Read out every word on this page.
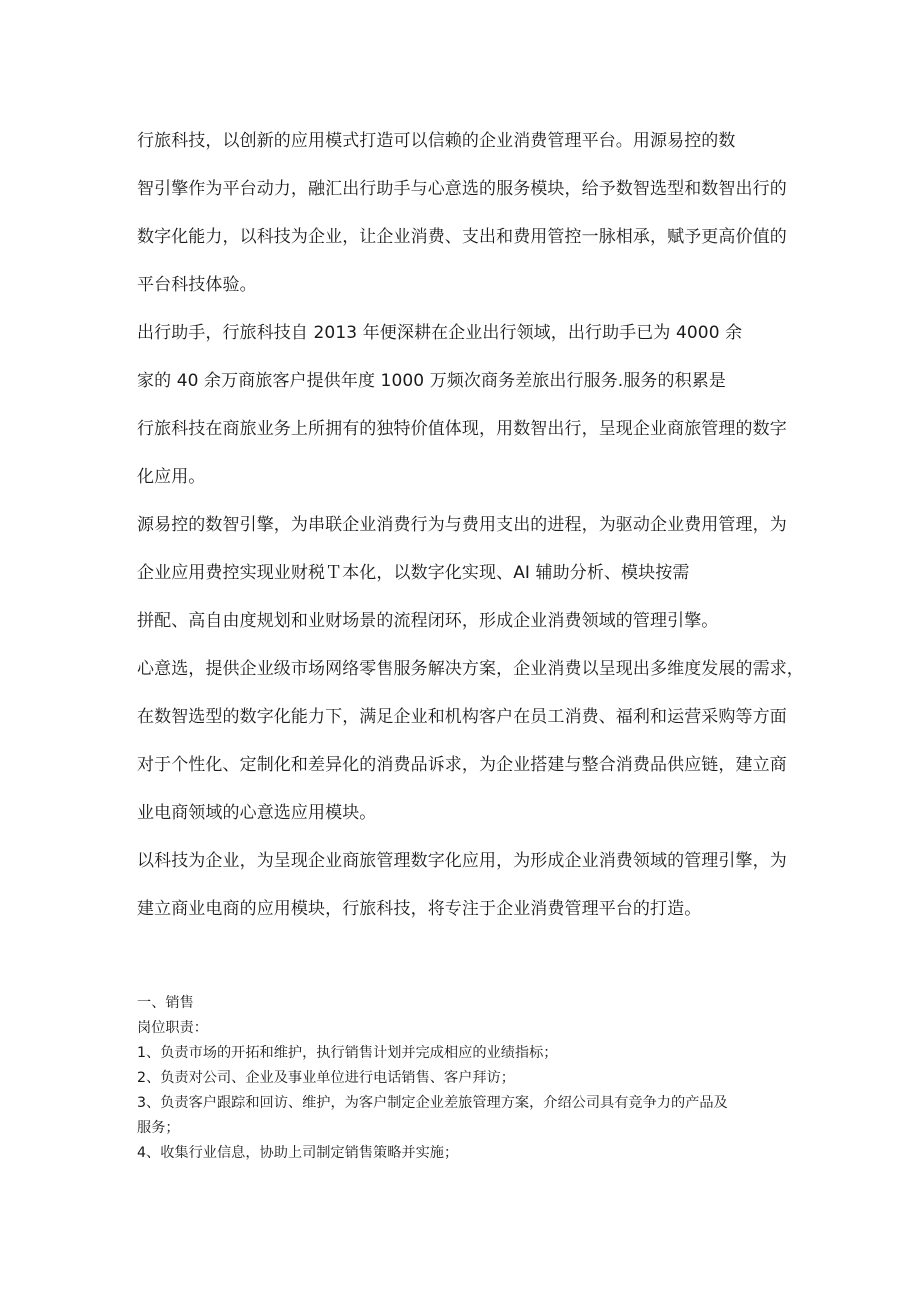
行旅科技，以创新的应用模式打造可以信赖的企业消费管理平台。用源易控的数
智引擎作为平台动力，融汇出行助手与心意选的服务模块，给予数智选型和数智出行的
数字化能力，以科技为企业，让企业消费、支出和费用管控一脉相承，赋予更高价值的
平台科技体验。
出行助手，行旅科技自 2013 年便深耕在企业出行领域，出行助手已为 4000 余
家的 40 余万商旅客户提供年度 1000 万频次商务差旅出行服务.服务的积累是
行旅科技在商旅业务上所拥有的独特价值体现，用数智出行，呈现企业商旅管理的数字
化应用。
源易控的数智引擎，为串联企业消费行为与费用支出的进程，为驱动企业费用管理，为
企业应用费控实现业财税Ｔ本化，以数字化实现、AI 辅助分析、模块按需
拼配、高自由度规划和业财场景的流程闭环，形成企业消费领域的管理引擎。
心意选，提供企业级市场网络零售服务解决方案，企业消费以呈现出多维度发展的需求，
在数智选型的数字化能力下，满足企业和机构客户在员工消费、福利和运营采购等方面
对于个性化、定制化和差异化的消费品诉求，为企业搭建与整合消费品供应链，建立商
业电商领域的心意选应用模块。
以科技为企业，为呈现企业商旅管理数字化应用，为形成企业消费领域的管理引擎，为
建立商业电商的应用模块，行旅科技，将专注于企业消费管理平台的打造。
一、销售
岗位职责：
1、负责市场的开拓和维护，执行销售计划并完成相应的业绩指标；
2、负责对公司、企业及事业单位进行电话销售、客户拜访；
3、负责客户跟踪和回访、维护，为客户制定企业差旅管理方案，介绍公司具有竞争力的产品及
服务；
4、收集行业信息，协助上司制定销售策略并实施；
